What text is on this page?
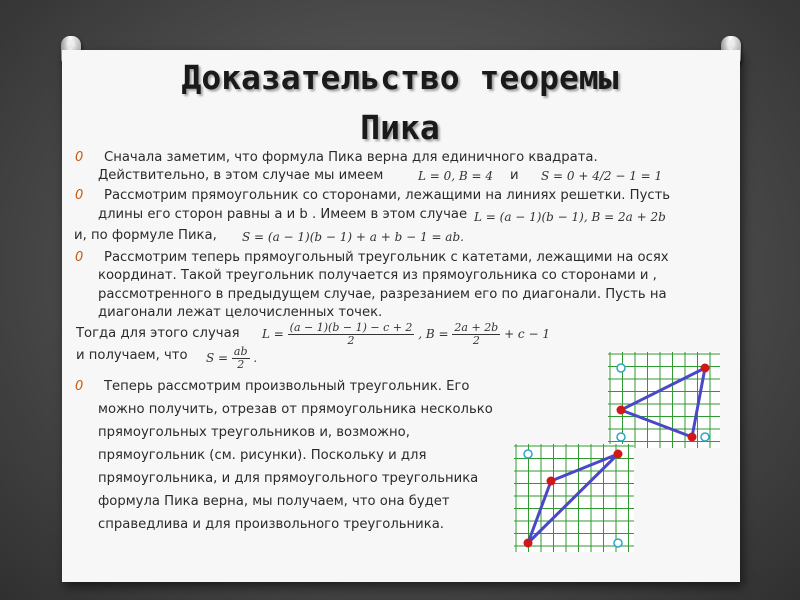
Доказательство теоремы
Пика
0 Сначала заметим, что формула Пика верна для единичного квадрата.
Действительно, в этом случае мы имеем	L = 0, B = 4 и S = 0 + 4/2 − 1 = 1
0 Рассмотрим прямоугольник со сторонами, лежащими на линиях решетки. Пусть
длины его сторон равны a и b . Имеем в этом случае L = (a − 1)(b − 1), B = 2a + 2b
и, по формуле Пика, S = (a − 1)(b − 1) + a + b − 1 = ab.
0 Рассмотрим теперь прямоугольный треугольник с катетами, лежащими на осях
координат. Такой треугольник получается из прямоугольника со сторонами и ,
рассмотренного в предыдущем случае, разрезанием его по диагонали. Пусть на
диагонали лежат целочисленных точек.
Тогда для этого случая $L = \frac{(a - 1)(b - 1) - c + 2}{2}$ , $B = \frac{2a + 2b}{2} + c - 1$
и получаем, что $S = \frac{ab}{2}$ .
0 Теперь рассмотрим произвольный треугольник. Его
можно получить, отрезав от прямоугольника несколько
прямоугольных треугольников и, возможно,
прямоугольник (см. рисунки). Поскольку и для
прямоугольника, и для прямоугольного треугольника
формула Пика верна, мы получаем, что она будет
справедлива и для произвольного треугольника.
